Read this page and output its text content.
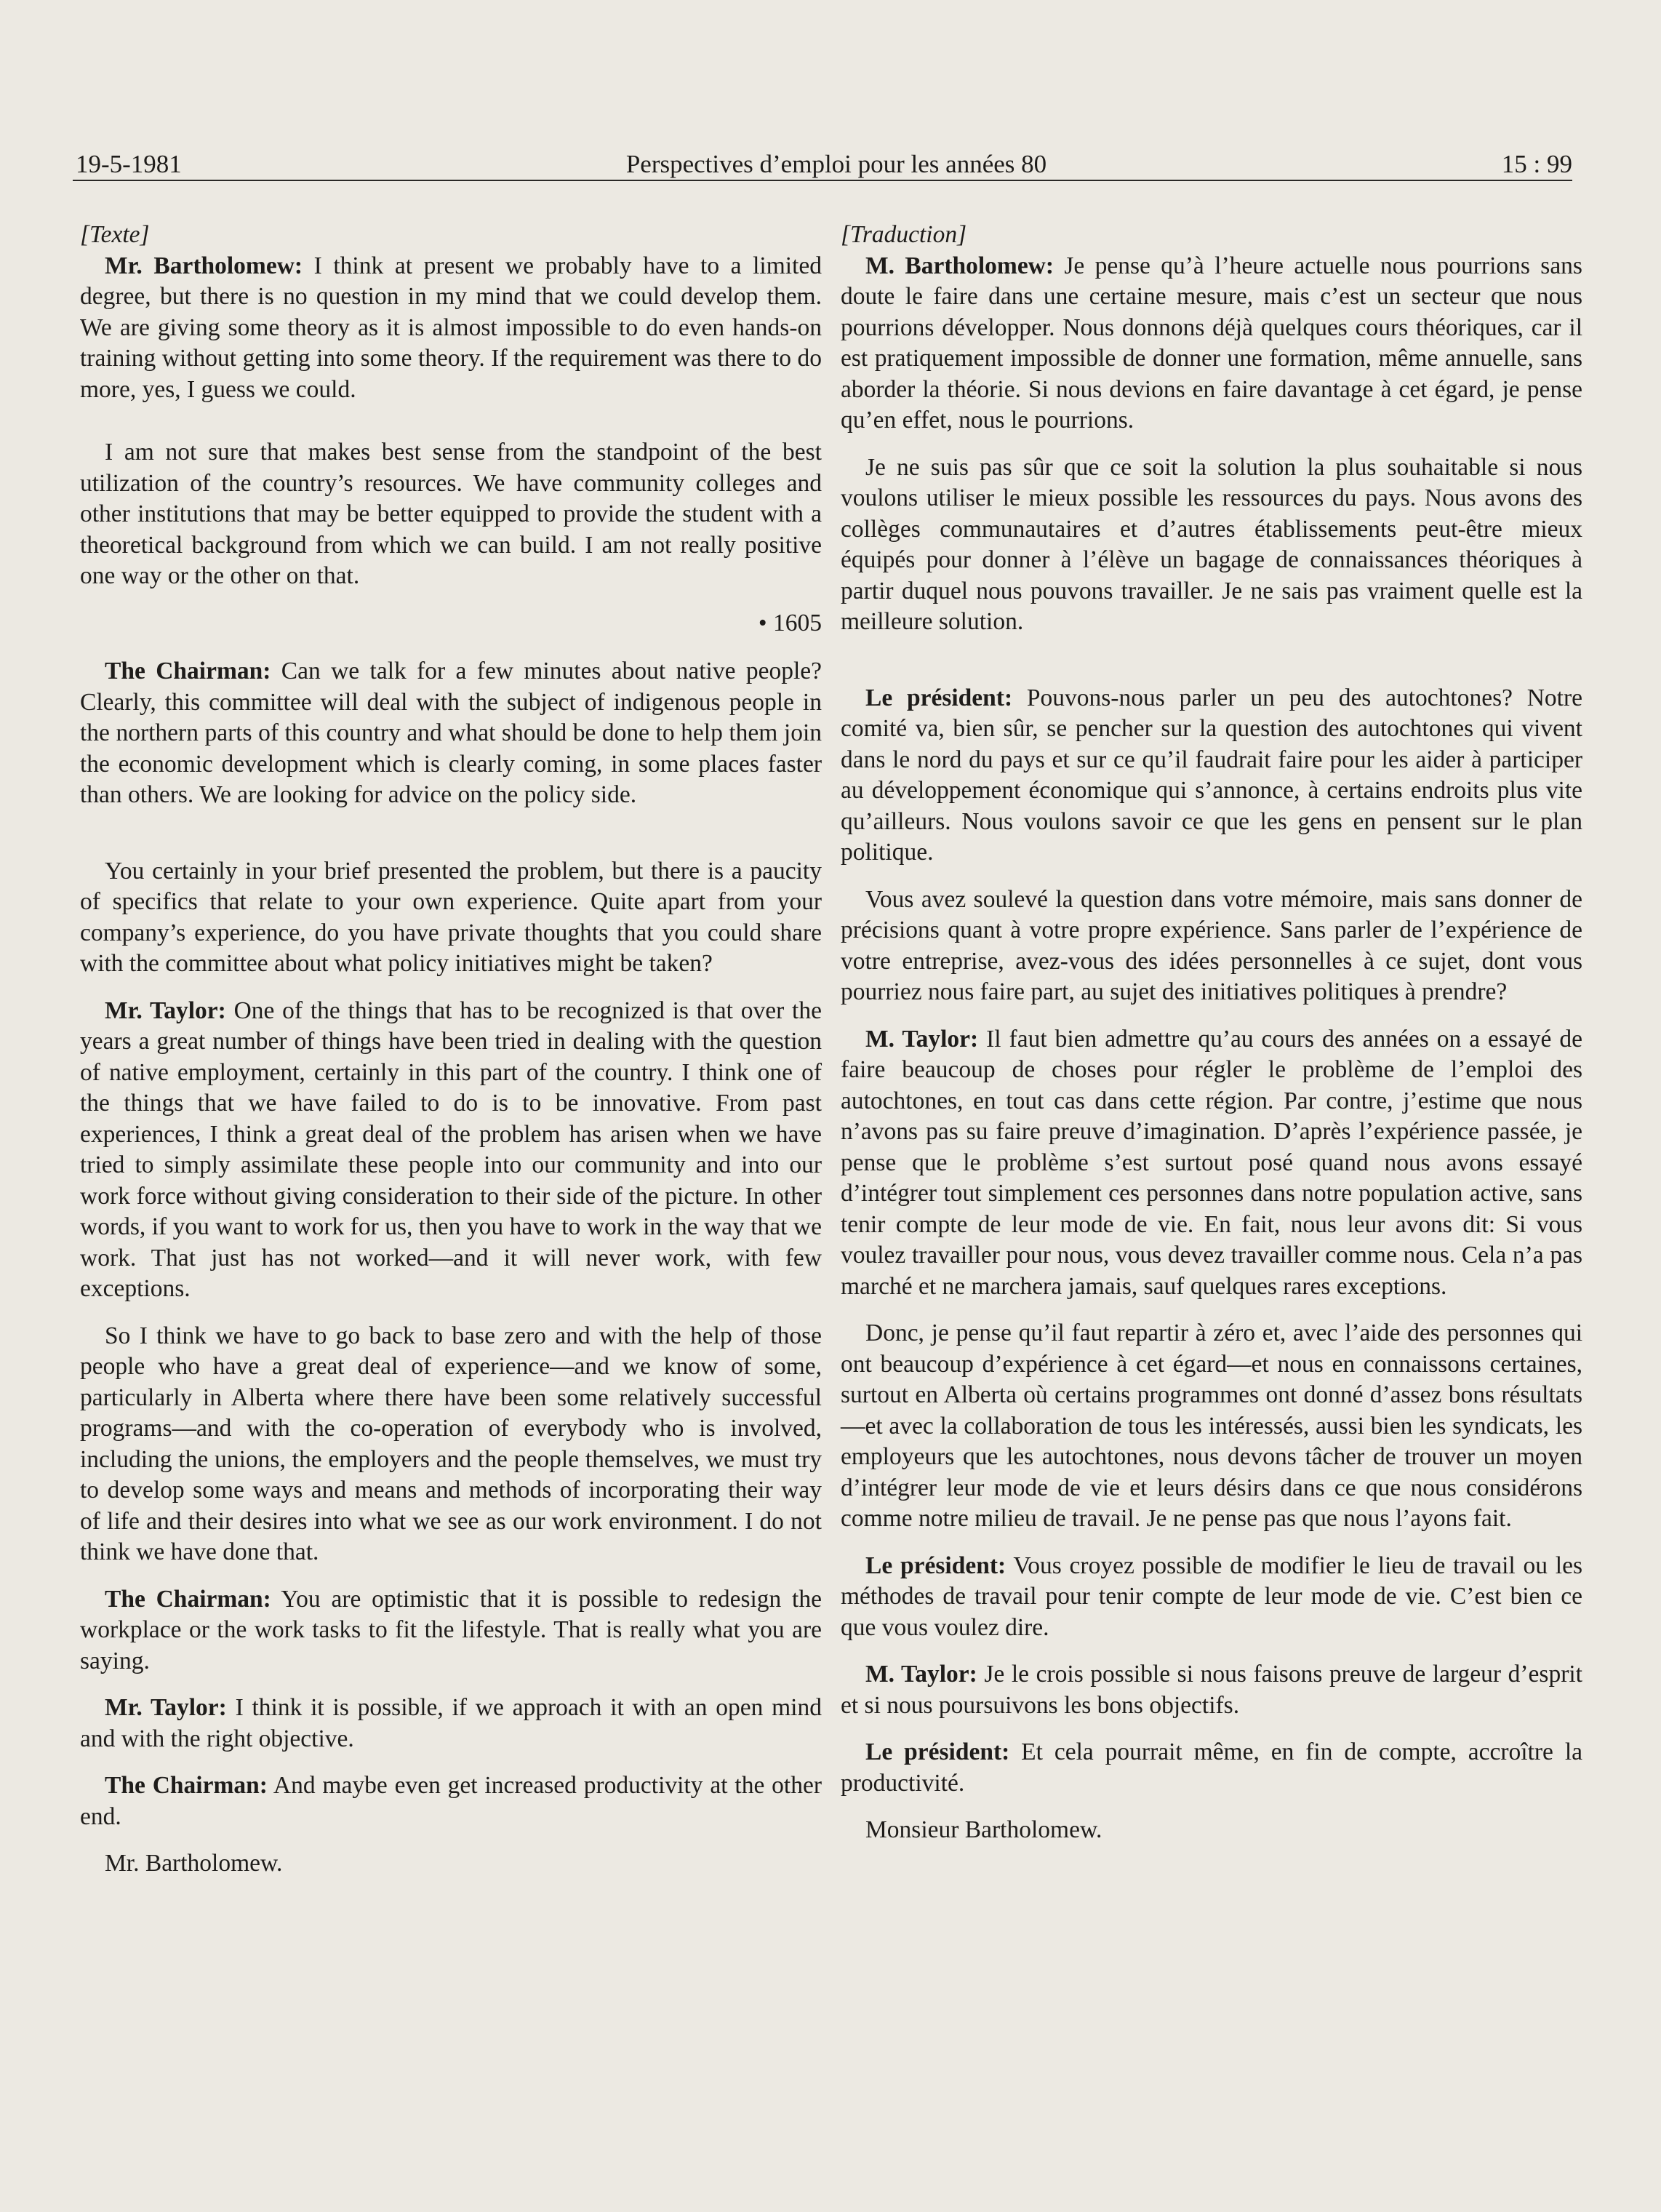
19-5-1981	Perspectives d’emploi pour les années 80	15 : 99

[Texte]

Mr. Bartholomew: I think at present we probably have to a limited degree, but there is no question in my mind that we could develop them. We are giving some theory as it is almost impossible to do even hands-on training without getting into some theory. If the requirement was there to do more, yes, I guess we could.

I am not sure that makes best sense from the standpoint of the best utilization of the country’s resources. We have community colleges and other institutions that may be better equipped to provide the student with a theoretical background from which we can build. I am not really positive one way or the other on that.

• 1605

The Chairman: Can we talk for a few minutes about native people? Clearly, this committee will deal with the subject of indigenous people in the northern parts of this country and what should be done to help them join the economic development which is clearly coming, in some places faster than others. We are looking for advice on the policy side.

You certainly in your brief presented the problem, but there is a paucity of specifics that relate to your own experience. Quite apart from your company’s experience, do you have private thoughts that you could share with the committee about what policy initiatives might be taken?

Mr. Taylor: One of the things that has to be recognized is that over the years a great number of things have been tried in dealing with the question of native employment, certainly in this part of the country. I think one of the things that we have failed to do is to be innovative. From past experiences, I think a great deal of the problem has arisen when we have tried to simply assimilate these people into our community and into our work force without giving consideration to their side of the picture. In other words, if you want to work for us, then you have to work in the way that we work. That just has not worked—and it will never work, with few exceptions.

So I think we have to go back to base zero and with the help of those people who have a great deal of experience—and we know of some, particularly in Alberta where there have been some relatively successful programs—and with the co-operation of everybody who is involved, including the unions, the employers and the people themselves, we must try to develop some ways and means and methods of incorporating their way of life and their desires into what we see as our work environment. I do not think we have done that.

The Chairman: You are optimistic that it is possible to redesign the workplace or the work tasks to fit the lifestyle. That is really what you are saying.

Mr. Taylor: I think it is possible, if we approach it with an open mind and with the right objective.

The Chairman: And maybe even get increased productivity at the other end.

Mr. Bartholomew.

[Traduction]

M. Bartholomew: Je pense qu’à l’heure actuelle nous pourrions sans doute le faire dans une certaine mesure, mais c’est un secteur que nous pourrions développer. Nous donnons déjà quelques cours théoriques, car il est pratiquement impossible de donner une formation, même annuelle, sans aborder la théorie. Si nous devions en faire davantage à cet égard, je pense qu’en effet, nous le pourrions.

Je ne suis pas sûr que ce soit la solution la plus souhaitable si nous voulons utiliser le mieux possible les ressources du pays. Nous avons des collèges communautaires et d’autres établissements peut-être mieux équipés pour donner à l’élève un bagage de connaissances théoriques à partir duquel nous pouvons travailler. Je ne sais pas vraiment quelle est la meilleure solution.

Le président: Pouvons-nous parler un peu des autochtones? Notre comité va, bien sûr, se pencher sur la question des autochtones qui vivent dans le nord du pays et sur ce qu’il faudrait faire pour les aider à participer au développement économique qui s’annonce, à certains endroits plus vite qu’ailleurs. Nous voulons savoir ce que les gens en pensent sur le plan politique.

Vous avez soulevé la question dans votre mémoire, mais sans donner de précisions quant à votre propre expérience. Sans parler de l’expérience de votre entreprise, avez-vous des idées personnelles à ce sujet, dont vous pourriez nous faire part, au sujet des initiatives politiques à prendre?

M. Taylor: Il faut bien admettre qu’au cours des années on a essayé de faire beaucoup de choses pour régler le problème de l’emploi des autochtones, en tout cas dans cette région. Par contre, j’estime que nous n’avons pas su faire preuve d’imagination. D’après l’expérience passée, je pense que le problème s’est surtout posé quand nous avons essayé d’intégrer tout simplement ces personnes dans notre population active, sans tenir compte de leur mode de vie. En fait, nous leur avons dit: Si vous voulez travailler pour nous, vous devez travailler comme nous. Cela n’a pas marché et ne marchera jamais, sauf quelques rares exceptions.

Donc, je pense qu’il faut repartir à zéro et, avec l’aide des personnes qui ont beaucoup d’expérience à cet égard—et nous en connaissons certaines, surtout en Alberta où certains programmes ont donné d’assez bons résultats—et avec la collaboration de tous les intéressés, aussi bien les syndicats, les employeurs que les autochtones, nous devons tâcher de trouver un moyen d’intégrer leur mode de vie et leurs désirs dans ce que nous considérons comme notre milieu de travail. Je ne pense pas que nous l’ayons fait.

Le président: Vous croyez possible de modifier le lieu de travail ou les méthodes de travail pour tenir compte de leur mode de vie. C’est bien ce que vous voulez dire.

M. Taylor: Je le crois possible si nous faisons preuve de largeur d’esprit et si nous poursuivons les bons objectifs.

Le président: Et cela pourrait même, en fin de compte, accroître la productivité.

Monsieur Bartholomew.
